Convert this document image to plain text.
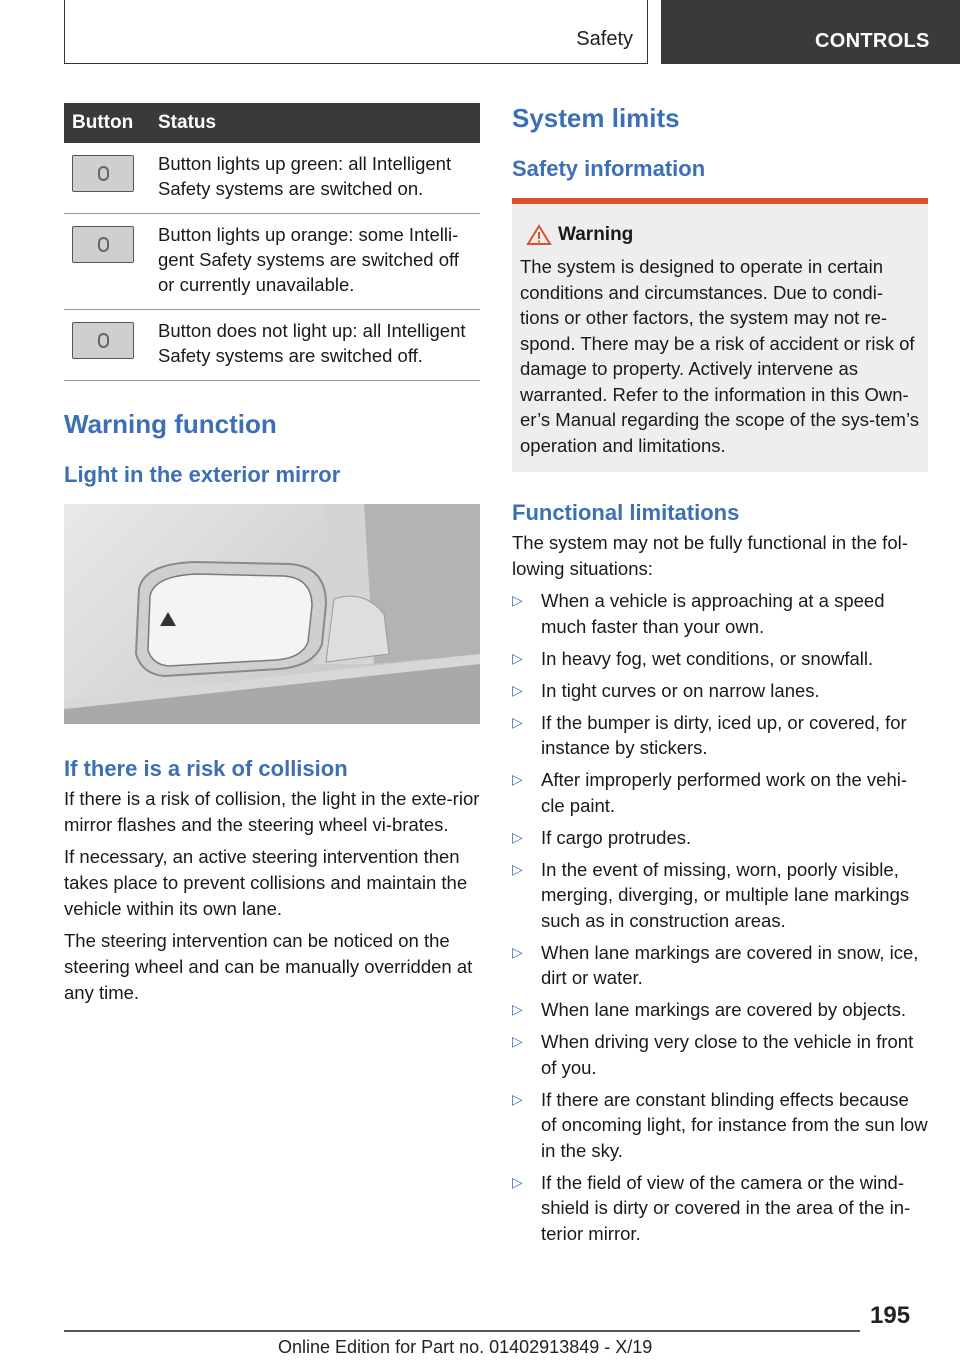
Safety	CONTROLS
Button	Status

	Button lights up green: all Intelligent Safety systems are switched on.

	Button lights up orange: some Intelli-gent Safety systems are switched off or currently unavailable.

	Button does not light up: all Intelligent Safety systems are switched off.
Warning function
Light in the exterior mirror
If there is a risk of collision

If there is a risk of collision, the light in the exte-rior mirror flashes and the steering wheel vi-brates.

If necessary, an active steering intervention then takes place to prevent collisions and maintain the vehicle within its own lane.

The steering intervention can be noticed on the steering wheel and can be manually overridden at any time.

System limits
Safety information
Warning

The system is designed to operate in certain conditions and circumstances. Due to condi-tions or other factors, the system may not re-spond. There may be a risk of accident or risk of damage to property. Actively intervene as warranted. Refer to the information in this Own-er’s Manual regarding the scope of the sys-tem’s operation and limitations.

Functional limitations

The system may not be fully functional in the fol-lowing situations:

▷ When a vehicle is approaching at a speed much faster than your own.
▷ In heavy fog, wet conditions, or snowfall.
▷ In tight curves or on narrow lanes.
▷ If the bumper is dirty, iced up, or covered, for instance by stickers.
▷ After improperly performed work on the vehi-cle paint.
▷ If cargo protrudes.
▷ In the event of missing, worn, poorly visible, merging, diverging, or multiple lane markings such as in construction areas.
▷ When lane markings are covered in snow, ice, dirt or water.
▷ When lane markings are covered by objects.
▷ When driving very close to the vehicle in front of you.
▷ If there are constant blinding effects because of oncoming light, for instance from the sun low in the sky.
▷ If the field of view of the camera or the wind-shield is dirty or covered in the area of the in-terior mirror.
195
Online Edition for Part no. 01402913849 - X/19
